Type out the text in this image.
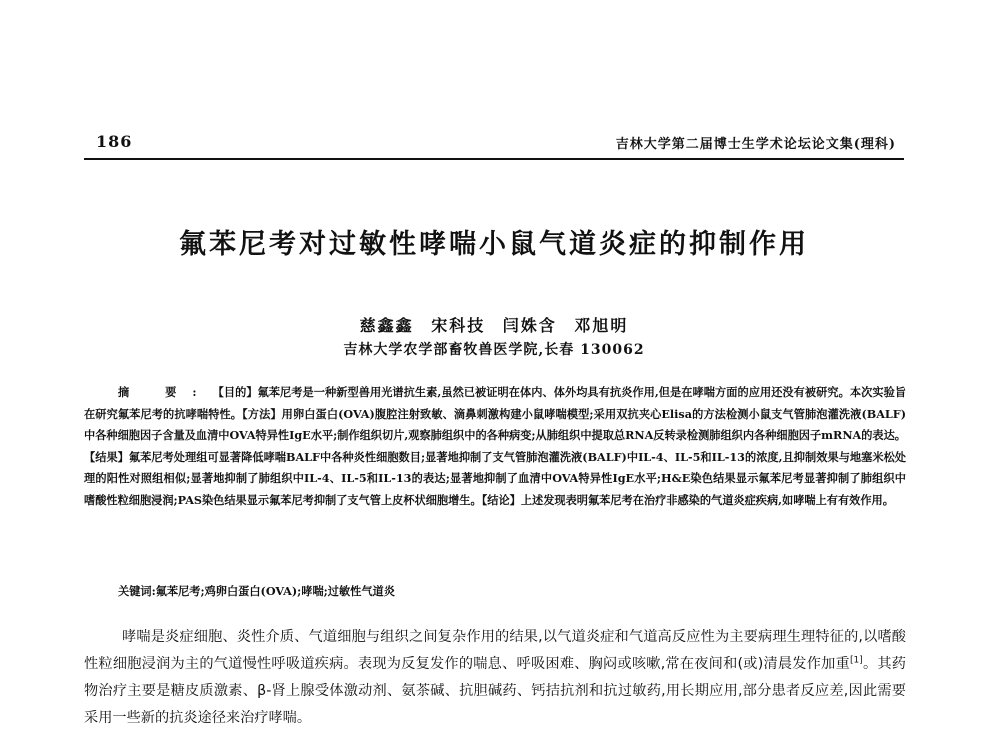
186	吉林大学第二届博士生学术论坛论文集(理科)
氟苯尼考对过敏性哮喘小鼠气道炎症的抑制作用
慈鑫鑫 宋科技 闫姝含 邓旭明
吉林大学农学部畜牧兽医学院,长春 130062

摘 要:【目的】氟苯尼考是一种新型兽用光谱抗生素,虽然已被证明在体内、体外均具有抗炎作用,但是在哮喘方面的应用还没有被研究。本次实验旨在研究氟苯尼考的抗哮喘特性。【方法】用卵白蛋白(OVA)腹腔注射致敏、滴鼻刺激构建小鼠哮喘模型;采用双抗夹心Elisa的方法检测小鼠支气管肺泡灌洗液(BALF)中各种细胞因子含量及血清中OVA特异性IgE水平;制作组织切片,观察肺组织中的各种病变;从肺组织中提取总RNA反转录检测肺组织内各种细胞因子mRNA的表达。【结果】氟苯尼考处理组可显著降低哮喘BALF中各种炎性细胞数目;显著地抑制了支气管肺泡灌洗液(BALF)中IL-4、IL-5和IL-13的浓度,且抑制效果与地塞米松处理的阳性对照组相似;显著地抑制了肺组织中IL-4、IL-5和IL-13的表达;显著地抑制了血清中OVA特异性IgE水平;H&E染色结果显示氟苯尼考显著抑制了肺组织中嗜酸性粒细胞浸润;PAS染色结果显示氟苯尼考抑制了支气管上皮杯状细胞增生。【结论】上述发现表明氟苯尼考在治疗非感染的气道炎症疾病,如哮喘上有有效作用。

关键词:氟苯尼考;鸡卵白蛋白(OVA);哮喘;过敏性气道炎

哮喘是炎症细胞、炎性介质、气道细胞与组织之间复杂作用的结果,以气道炎症和气道高反应性为主要病理生理特征的,以嗜酸性粒细胞浸润为主的气道慢性呼吸道疾病。表现为反复发作的喘息、呼吸困难、胸闷或咳嗽,常在夜间和(或)清晨发作加重[1]。其药物治疗主要是糖皮质激素、β-肾上腺受体激动剂、氨茶碱、抗胆碱药、钙拮抗剂和抗过敏药,用长期应用,部分患者反应差,因此需要采用一些新的抗炎途径来治疗哮喘。
